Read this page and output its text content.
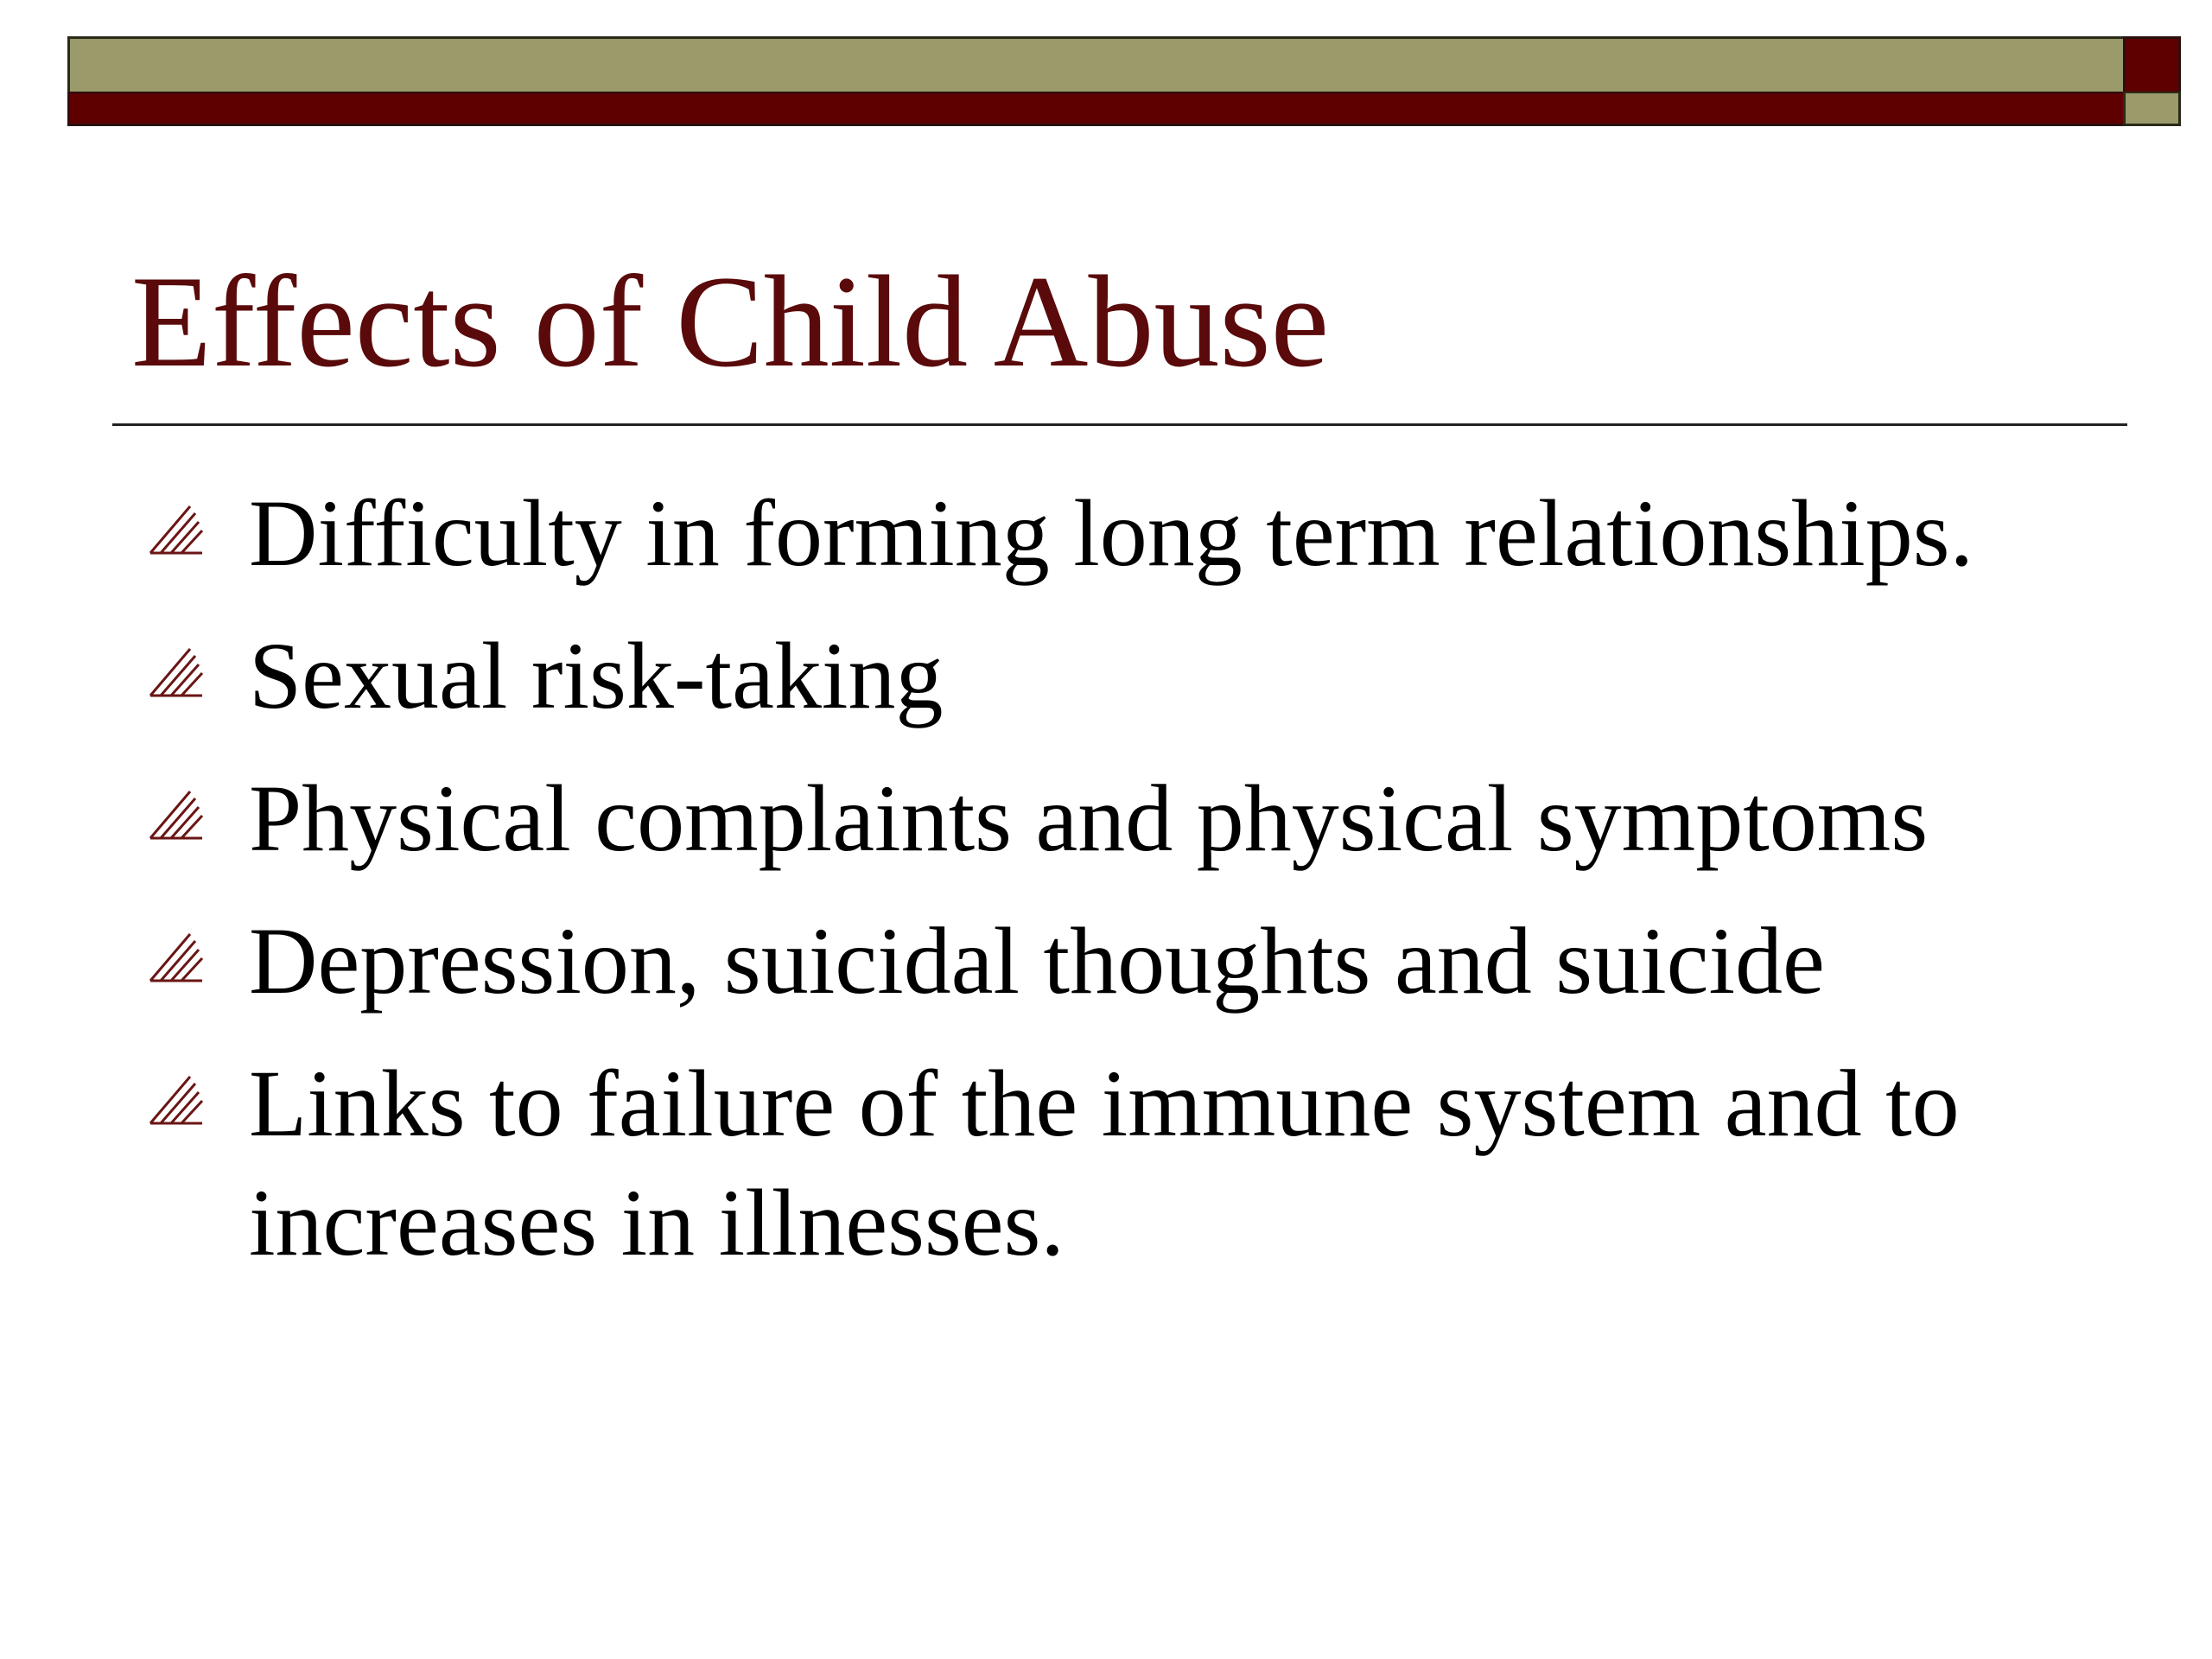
Effects of Child Abuse
Difficulty in forming long term relationships.
Sexual risk-taking
Physical complaints and physical symptoms
Depression, suicidal thoughts and suicide
Links to failure of the immune system and to increases in illnesses.
